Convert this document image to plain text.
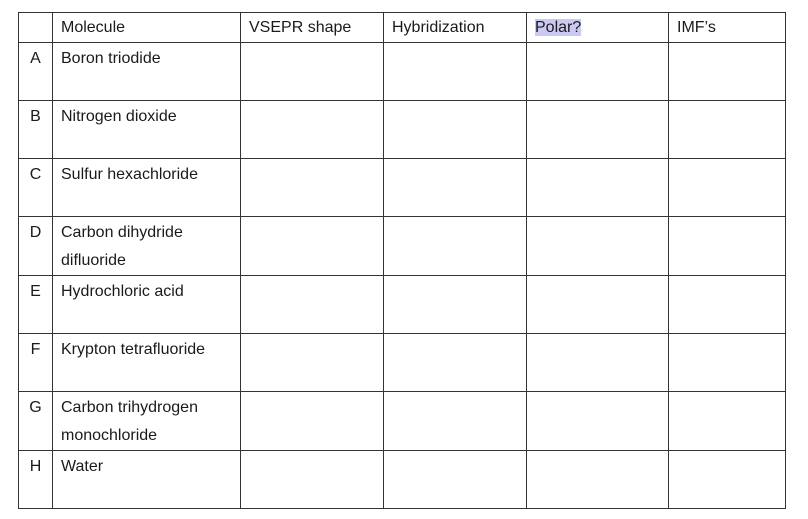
	Molecule	VSEPR shape	Hybridization	Polar?	IMF’s
A	Boron triodide				
B	Nitrogen dioxide				
C	Sulfur hexachloride				
D	Carbon dihydride difluoride				
E	Hydrochloric acid				
F	Krypton tetrafluoride				
G	Carbon trihydrogen monochloride				
H	Water				
